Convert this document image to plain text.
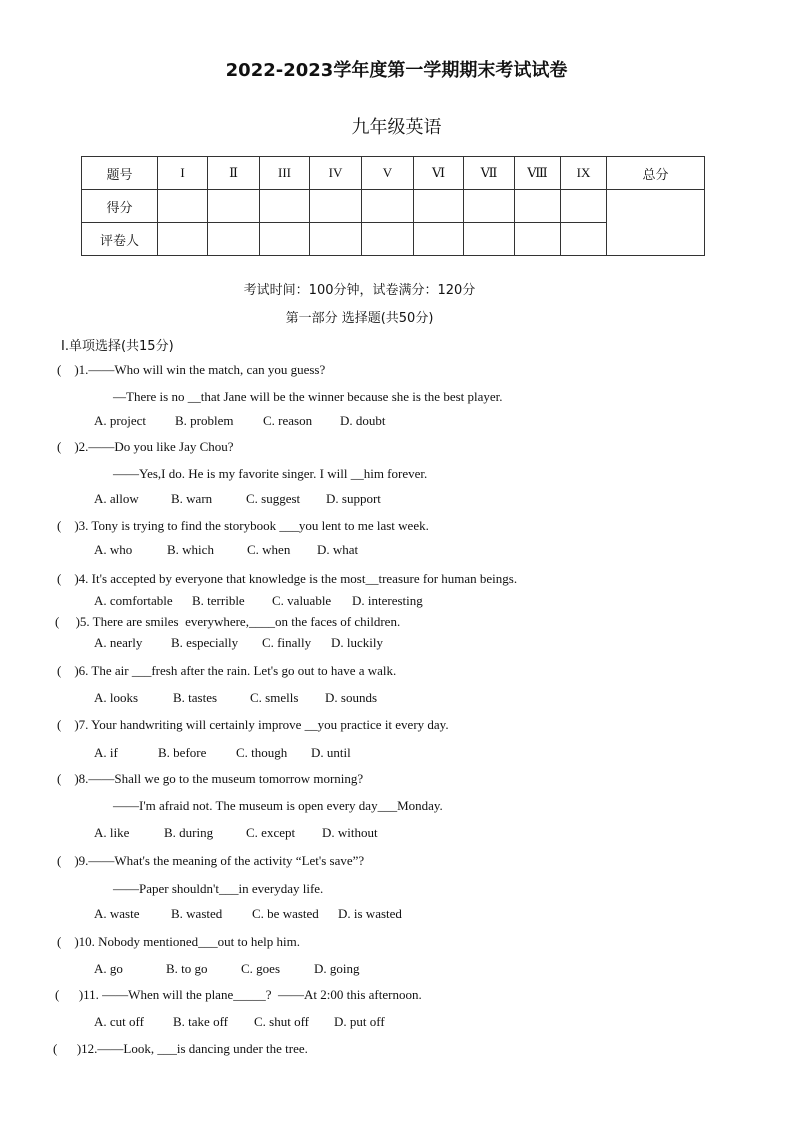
2022-2023学年度第一学期期末考试试卷
九年级英语
题号	I	Ⅱ	III	IV	V	Ⅵ	Ⅶ	Ⅷ	IX	总分
得分										
评卷人										
考试时间：100分钟，试卷满分：120分
第一部分 选择题(共50分)
I.单项选择(共15分)
(    )1.——Who will win the match, can you guess?
—There is no __that Jane will be the winner because she is the best player.
A. project B. problem C. reason D. doubt
(    )2.——Do you like Jay Chou?
——Yes,I do. He is my favorite singer. I will __him forever.
A. allow B. warn	C. suggest D. support
(    )3. Tony is trying to find the storybook ___you lent to me last week.
A. who	B. which	C. when D. what
(    )4. It's accepted by everyone that knowledge is the most__treasure for human beings.
A. comfortable B. terrible C. valuable D. interesting
(     )5. There are smiles  everywhere,____on the faces of children.
A. nearly B. especially C. finally D. luckily
(    )6. The air ___fresh after the rain. Let's go out to have a walk.
A. looks	B. tastes	C. smells D. sounds
(    )7. Your handwriting will certainly improve __you practice it every day.
A. if	B. before C. though D. until
(    )8.——Shall we go to the museum tomorrow morning?
——I'm afraid not. The museum is open every day___Monday.
A. like	B. during	C. except D. without
(    )9.——What's the meaning of the activity “Let's save”?
——Paper shouldn't___in everyday life.
A. waste B. wasted C. be wasted D. is wasted
(    )10. Nobody mentioned___out to help him.
A. go	B. to go	C. goes	D. going
(      )11. ——When will the plane_____?  ——At 2:00 this afternoon.
A. cut off B. take off C. shut off D. put off
(      )12.——Look, ___is dancing under the tree.
